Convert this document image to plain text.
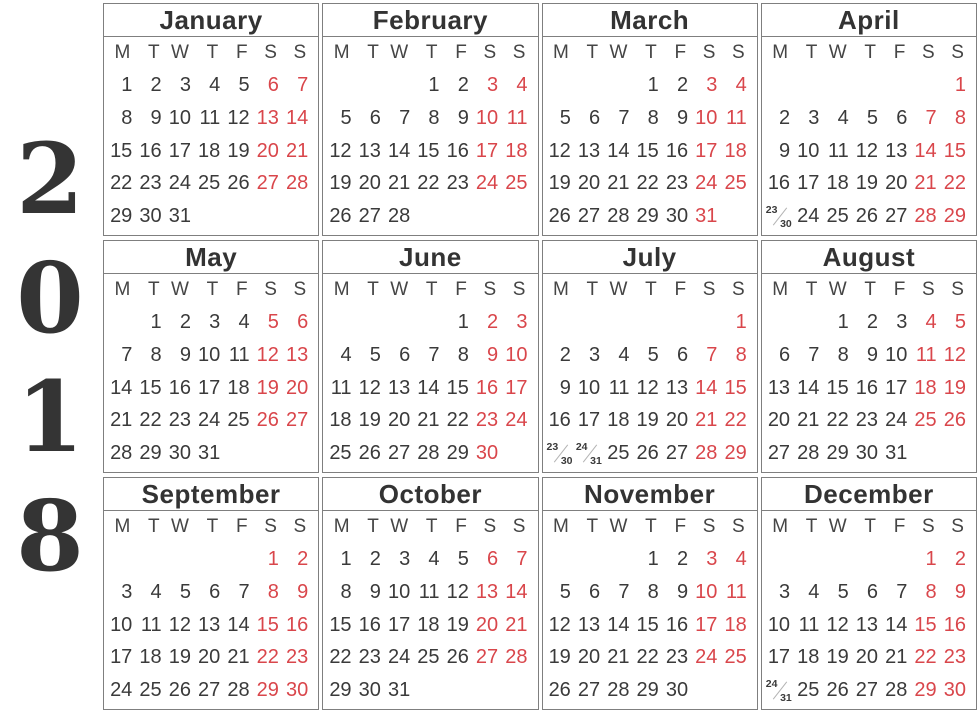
2
0
1
8
January
M T W T F S S
1 2 3 4 5 6 7
8 9 10 11 12 13 14
15 16 17 18 19 20 21
22 23 24 25 26 27 28
29 30 31
February
M T W T F S S
1 2 3 4
5 6 7 8 9 10 11
12 13 14 15 16 17 18
19 20 21 22 23 24 25
26 27 28
March
M T W T F S S
1 2 3 4
5 6 7 8 9 10 11
12 13 14 15 16 17 18
19 20 21 22 23 24 25
26 27 28 29 30 31
April
M T W T F S S
1
2 3 4 5 6 7 8
9 10 11 12 13 14 15
16 17 18 19 20 21 22
23
30 24 25 26 27 28 29
May
M T W T F S S
1 2 3 4 5 6
7 8 9 10 11 12 13
14 15 16 17 18 19 20
21 22 23 24 25 26 27
28 29 30 31
June
M T W T F S S
1 2 3
4 5 6 7 8 9 10
11 12 13 14 15 16 17
18 19 20 21 22 23 24
25 26 27 28 29 30
July
M T W T F S S
1
2 3 4 5 6 7 8
9 10 11 12 13 14 15
16 17 18 19 20 21 22
23
30
24
31 25 26 27 28 29
August
M T W T F S S
1 2 3 4 5
6 7 8 9 10 11 12
13 14 15 16 17 18 19
20 21 22 23 24 25 26
27 28 29 30 31
September
M T W T F S S
1 2
3 4 5 6 7 8 9
10 11 12 13 14 15 16
17 18 19 20 21 22 23
24 25 26 27 28 29 30
October
M T W T F S S
1 2 3 4 5 6 7
8 9 10 11 12 13 14
15 16 17 18 19 20 21
22 23 24 25 26 27 28
29 30 31
November
M T W T F S S
1 2 3 4
5 6 7 8 9 10 11
12 13 14 15 16 17 18
19 20 21 22 23 24 25
26 27 28 29 30
December
M T W T F S S
1 2
3 4 5 6 7 8 9
10 11 12 13 14 15 16
17 18 19 20 21 22 23
24
31 25 26 27 28 29 30
